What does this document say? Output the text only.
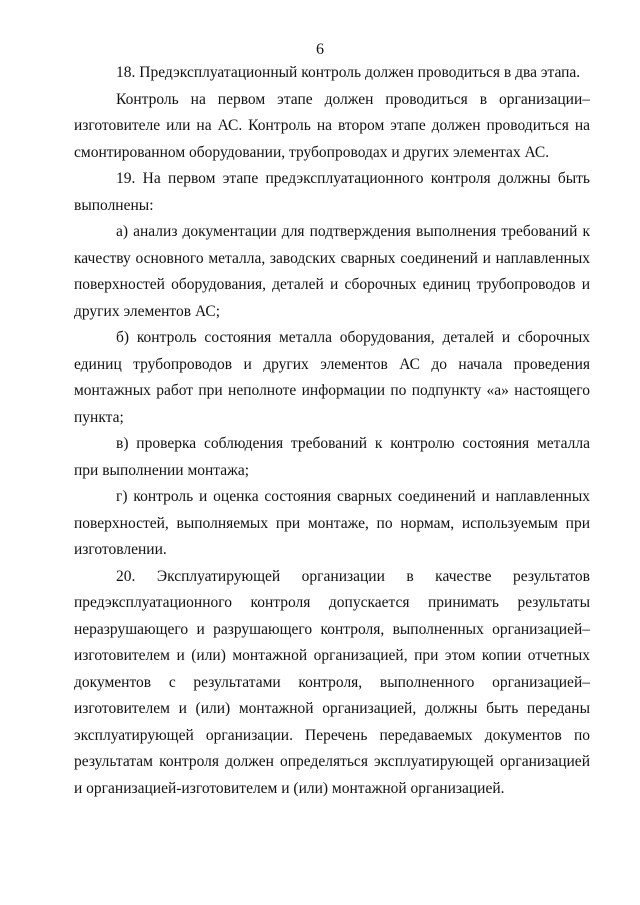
6

18. Предэксплуатационный контроль должен проводиться в два этапа.

Контроль на первом этапе должен проводиться в организации–изготовителе или на АС. Контроль на втором этапе должен проводиться на смонтированном оборудовании, трубопроводах и других элементах АС.

19. На первом этапе предэксплуатационного контроля должны быть выполнены:

а) анализ документации для подтверждения выполнения требований к качеству основного металла, заводских сварных соединений и наплавленных поверхностей оборудования, деталей и сборочных единиц трубопроводов и других элементов АС;

б) контроль состояния металла оборудования, деталей и сборочных единиц трубопроводов и других элементов АС до начала проведения монтажных работ при неполноте информации по подпункту «а» настоящего пункта;

в) проверка соблюдения требований к контролю состояния металла при выполнении монтажа;

г) контроль и оценка состояния сварных соединений и наплавленных поверхностей, выполняемых при монтаже, по нормам, используемым при изготовлении.

20. Эксплуатирующей организации в качестве результатов предэксплуатационного контроля допускается принимать результаты неразрушающего и разрушающего контроля, выполненных организацией–изготовителем и (или) монтажной организацией, при этом копии отчетных документов с результатами контроля, выполненного организацией–изготовителем и (или) монтажной организацией, должны быть переданы эксплуатирующей организации. Перечень передаваемых документов по результатам контроля должен определяться эксплуатирующей организацией и организацией-изготовителем и (или) монтажной организацией.
